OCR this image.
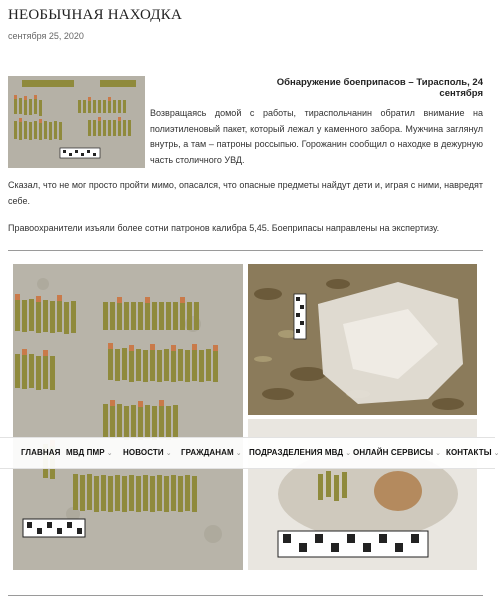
НЕОБЫЧНАЯ НАХОДКА
сентября 25, 2020
Обнаружение боеприпасов – Тирасполь, 24 сентября

Возвращаясь домой с работы, тираспольчанин обратил внимание на полиэтиленовый пакет, который лежал у каменного забора. Мужчина заглянул внутрь, а там – патроны россыпью. Горожанин сообщил о находке в дежурную часть столичного УВД.

Сказал, что не мог просто пройти мимо, опасался, что опасные предметы найдут дети и, играя с ними, навредят себе.

Правоохранители изъяли более сотни патронов калибра 5,45. Боеприпасы направлены на экспертизу.

ГЛАВНАЯ МВД ПМР ⌄ НОВОСТИ ⌄ ГРАЖДАНАМ ⌄ ПОДРАЗДЕЛЕНИЯ МВД ⌄ ОНЛАЙН СЕРВИСЫ ⌄ КОНТАКТЫ ⌄
